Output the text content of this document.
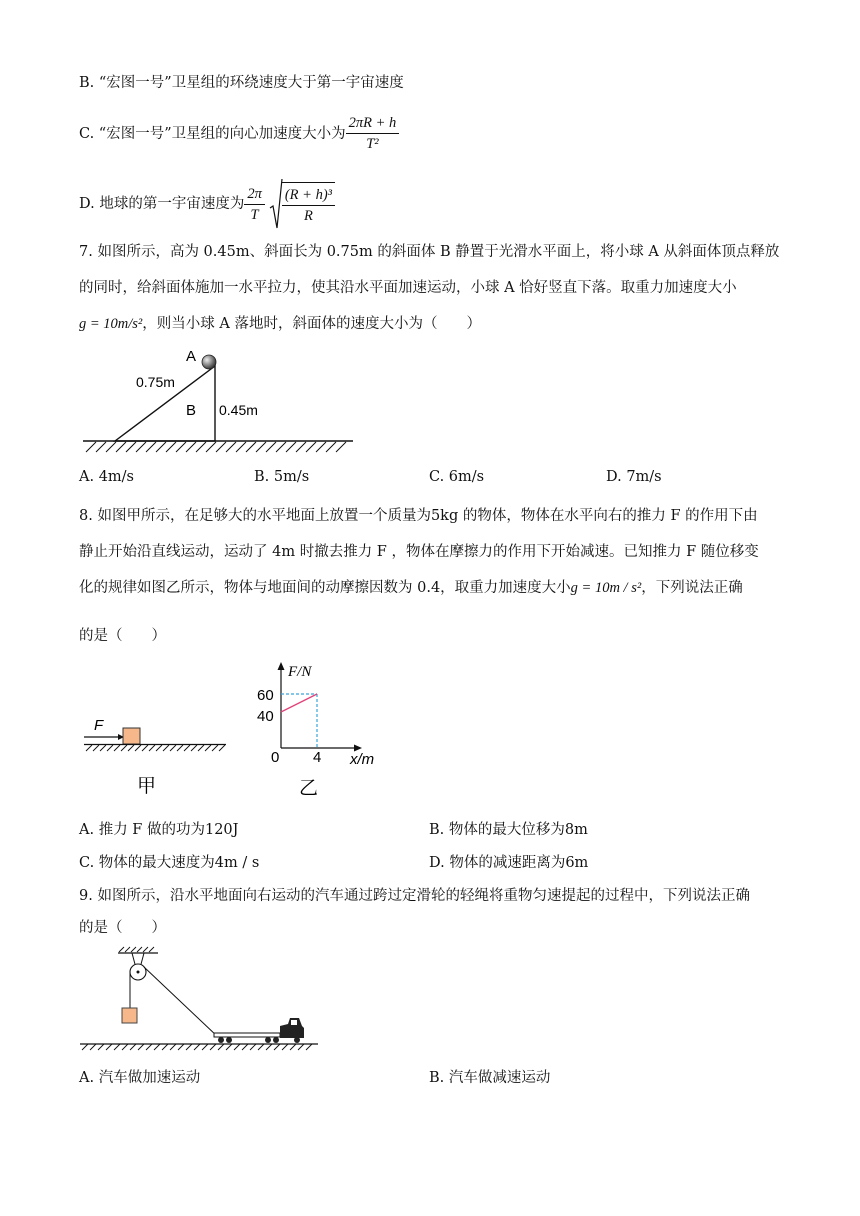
B. “宏图一号”卫星组的环绕速度大于第一宇宙速度
C. “宏图一号”卫星组的向心加速度大小为 $\frac{2\pi R + h}{\text{T²}}$
D. 地球的第一宇宙速度为 $\frac{2\pi}{T} \frac{\text{(R + h)³}}{R}$
7. 如图所示，高为 0.45m、斜面长为 0.75m 的斜面体 B 静置于光滑水平面上，将小球 A 从斜面体顶点释放
的同时，给斜面体施加一水平拉力，使其沿水平面加速运动，小球 A 恰好竖直下落。取重力加速度大小
g = 10m/s²，则当小球 A 落地时，斜面体的速度大小为（　　）
A
0.75m
B 0.45m
A. 4m/s	B. 5m/s	C. 6m/s	D. 7m/s
8. 如图甲所示，在足够大的水平地面上放置一个质量为5kg 的物体，物体在水平向右的推力 F 的作用下由
静止开始沿直线运动，运动了 4m 时撤去推力 F ，物体在摩擦力的作用下开始减速。已知推力 F 随位移变
化的规律如图乙所示，物体与地面间的动摩擦因数为 0.4，取重力加速度大小g = 10m / s²，下列说法正确
的是（　　）
F
甲
F/N
x/m
0
60
40
4
乙
A. 推力 F 做的功为120J	B. 物体的最大位移为8m
C. 物体的最大速度为4m / s	D. 物体的减速距离为6m
9. 如图所示，沿水平地面向右运动的汽车通过跨过定滑轮的轻绳将重物匀速提起的过程中，下列说法正确
的是（　　）
A. 汽车做加速运动	B. 汽车做减速运动
